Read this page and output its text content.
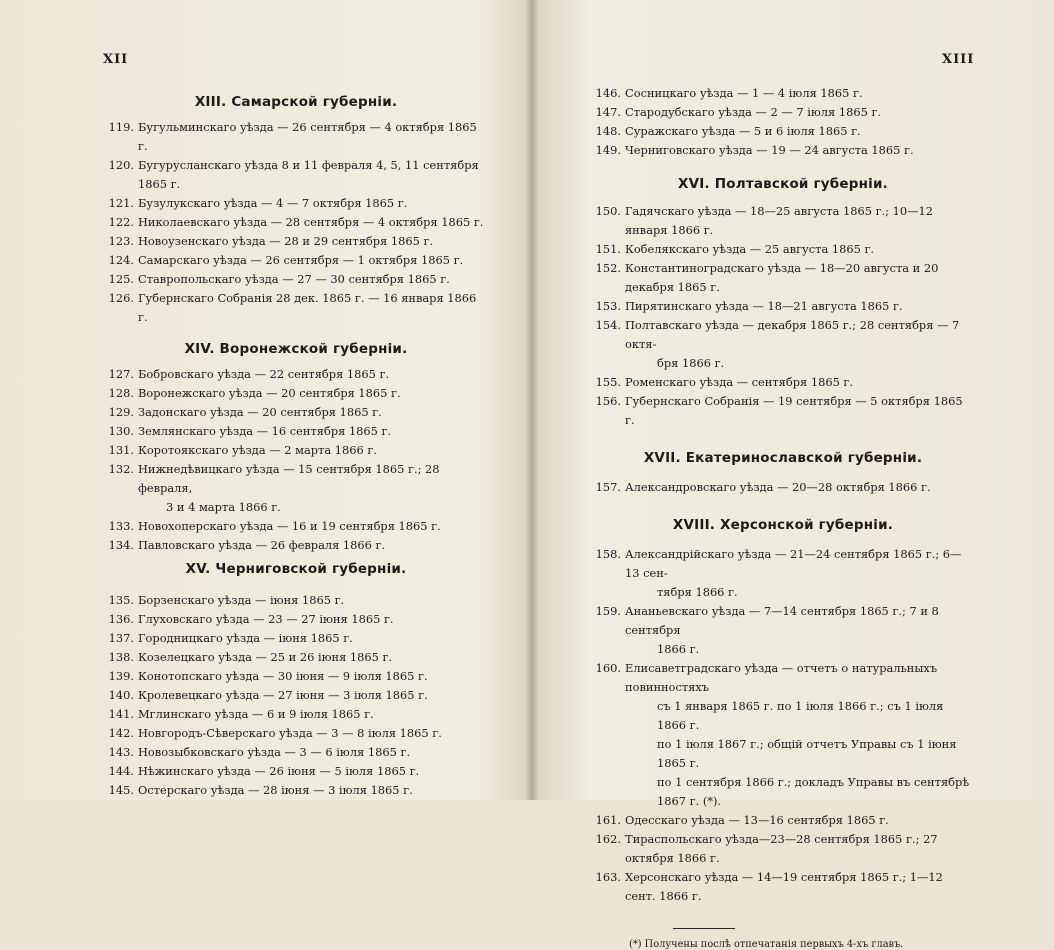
XII
XIII. Самарской губернiи.
119. Бугульминскаго уѣзда — 26 сентября — 4 октября 1865 г.
120. Бугурусланскаго уѣзда 8 и 11 февраля 4, 5, 11 сентября 1865 г.
121. Бузулукскаго уѣзда — 4 — 7 октября 1865 г.
122. Николаевскаго уѣзда — 28 сентября — 4 октября 1865 г.
123. Новоузенскаго уѣзда — 28 и 29 сентября 1865 г.
124. Самарскаго уѣзда — 26 сентября — 1 октября 1865 г.
125. Ставропольскаго уѣзда — 27 — 30 сентября 1865 г.
126. Губернскаго Собранія 28 дек. 1865 г. — 16 января 1866 г.
XIV. Воронежской губернiи.
127. Бобровскаго уѣзда — 22 сентября 1865 г.
128. Воронежскаго уѣзда — 20 сентября 1865 г.
129. Задонскаго уѣзда — 20 сентября 1865 г.
130. Землянскаго уѣзда — 16 сентября 1865 г.
131. Коротоякскаго уѣзда — 2 марта 1866 г.
132. Нижнедѣвицкаго уѣзда — 15 сентября 1865 г.; 28 февраля,
3 и 4 марта 1866 г.
133. Новохоперскаго уѣзда — 16 и 19 сентября 1865 г.
134. Павловскаго уѣзда — 26 февраля 1866 г.
XV. Черниговской губернiи.
135. Борзенскаго уѣзда — іюня 1865 г.
136. Глуховскаго уѣзда — 23 — 27 іюня 1865 г.
137. Городницкаго уѣзда — іюня 1865 г.
138. Козелецкаго уѣзда — 25 и 26 іюня 1865 г.
139. Конотопскаго уѣзда — 30 іюня — 9 іюля 1865 г.
140. Кролевецкаго уѣзда — 27 іюня — 3 іюля 1865 г.
141. Мглинскаго уѣзда — 6 и 9 іюля 1865 г.
142. Новгородъ-Сѣверскаго уѣзда — 3 — 8 іюля 1865 г.
143. Новозыбковскаго уѣзда — 3 — 6 іюля 1865 г.
144. Нѣжинскаго уѣзда — 26 іюня — 5 іюля 1865 г.
145. Остерскаго уѣзда — 28 іюня — 3 іюля 1865 г.
XIII
146. Сосницкаго уѣзда — 1 — 4 іюля 1865 г.
147. Стародубскаго уѣзда — 2 — 7 іюля 1865 г.
148. Суражскаго уѣзда — 5 и 6 іюля 1865 г.
149. Черниговскаго уѣзда — 19 — 24 августа 1865 г.
XVI. Полтавской губернiи.
150. Гадячскаго уѣзда — 18—25 августа 1865 г.; 10—12 января 1866 г.
151. Кобелякскаго уѣзда — 25 августа 1865 г.
152. Константиноградскаго уѣзда — 18—20 августа и 20 декабря 1865 г.
153. Пирятинскаго уѣзда — 18—21 августа 1865 г.
154. Полтавскаго уѣзда — декабря 1865 г.; 28 сентября — 7 октя-
бря 1866 г.
155. Роменскаго уѣзда — сентября 1865 г.
156. Губернскаго Собранія — 19 сентября — 5 октября 1865 г.
XVII. Екатеринославской губернiи.
157. Александровскаго уѣзда — 20—28 октября 1866 г.
XVIII. Херсонской губернiи.
158. Александрійскаго уѣзда — 21—24 сентября 1865 г.; 6—13 сен-
тября 1866 г.
159. Ананьевскаго уѣзда — 7—14 сентября 1865 г.; 7 и 8 сентября
1866 г.
160. Елисаветградскаго уѣзда — отчетъ о натуральныхъ повинностяхъ
съ 1 января 1865 г. по 1 іюля 1866 г.; съ 1 іюля 1866 г.
по 1 іюля 1867 г.; общій отчетъ Управы съ 1 іюня 1865 г.
по 1 сентября 1866 г.; докладъ Управы въ сентябрѣ 1867 г. (*).
161. Одесскаго уѣзда — 13—16 сентября 1865 г.
162. Тираспольскаго уѣзда—23—28 сентября 1865 г.; 27 октября 1866 г.
163. Херсонскаго уѣзда — 14—19 сентября 1865 г.; 1—12 сент. 1866 г.
(*) Получены послѣ отпечатанія первыхъ 4-хъ главъ.
